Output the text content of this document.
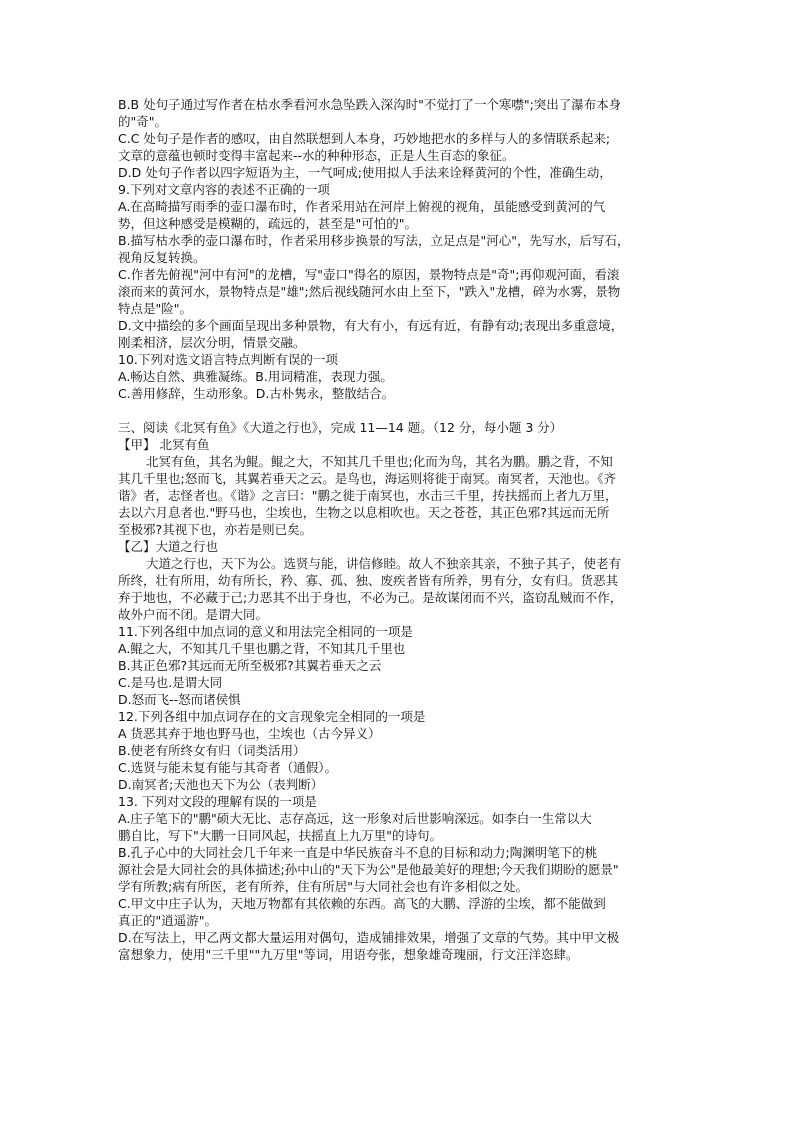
B.B 处句子通过写作者在枯水季看河水急坠跌入深沟时"不觉打了一个寒噤";突出了瀑布本身
的"奇"。
C.C 处句子是作者的感叹，由自然联想到人本身，巧妙地把水的多样与人的多情联系起来;
文章的意蕴也顿时变得丰富起来--水的种种形态，正是人生百态的象征。
D.D 处句子作者以四字短语为主，一气呵成;使用拟人手法来诠释黄河的个性，准确生动，
9.下列对文章内容的表述不正确的一项
A.在高畸描写雨季的壶口瀑布时，作者采用站在河岸上俯视的视角，虽能感受到黄河的气
势，但这种感受是模糊的，疏远的，甚至是"可怕的"。
B.描写枯水季的壶口瀑布时，作者采用移步换景的写法，立足点是"河心"，先写水，后写石，
视角反复转换。
C.作者先俯视"河中有河"的龙槽，写"壶口"得名的原因，景物特点是"奇";再仰观河面，看滚
滚而来的黄河水，景物特点是"雄";然后视线随河水由上至下，"跌入"龙槽，碎为水雾，景物
特点是"险"。
D.文中描绘的多个画面呈现出多种景物，有大有小，有远有近，有静有动;表现出多重意境，
刚柔相济，层次分明，情景交融。
10.下列对选文语言特点判断有误的一项
A.畅达自然、典雅凝练。B.用词精准，表现力强。
C.善用修辞，生动形象。D.古朴隽永，整散结合。
三、阅读《北冥有鱼》《大道之行也》，完成 11—14 题。（12 分，每小题 3 分）
【甲】 北冥有鱼
北冥有鱼，其名为鲲。鲲之大，不知其几千里也;化而为鸟，其名为鹏。鹏之背，不知
其几千里也;怒而飞，其翼若垂天之云。是鸟也，海运则将徙于南冥。南冥者，天池也。《齐
谐》者，志怪者也。《谐》之言曰："鹏之徙于南冥也，水击三千里，抟扶摇而上者九万里，
去以六月息者也."野马也，尘埃也，生物之以息相吹也。天之苍苍，其正色邪?其远而无所
至极邪?其视下也，亦若是则已矣。
【乙】大道之行也
大道之行也，天下为公。选贤与能，讲信修睦。故人不独亲其亲，不独子其子，使老有
所终，壮有所用，幼有所长，矜、寡、孤、独、废疾者皆有所养，男有分，女有归。货恶其
弃于地也，不必藏于己;力恶其不出于身也，不必为己。是故谋闭而不兴，盗窃乱贼而不作，
故外户而不闭。是谓大同。
11.下列各组中加点词的意义和用法完全相同的一项是
A.鲲之大，不知其几千里也鹏之背，不知其几千里也
B.其正色邪?其远而无所至极邪?其翼若垂天之云
C.是马也.是谓大同
D.怒而飞--怒而诸侯惧
12.下列各组中加点词存在的文言现象完全相同的一项是
A 货恶其弃于地也野马也，尘埃也（古今异义）
B.使老有所终女有归（词类活用）
C.选贤与能未复有能与其奇者（通假）。
D.南冥者;天池也天下为公（表判断）
13. 下列对文段的理解有误的一项是
A.庄子笔下的"鹏"硕大无比、志存高远，这一形象对后世影响深远。如李白一生常以大
鹏自比，写下"大鹏一日同风起，扶摇直上九万里"的诗句。
B.孔子心中的大同社会几千年来一直是中华民族奋斗不息的目标和动力;陶渊明笔下的桃
源社会是大同社会的具体描述;孙中山的"天下为公"是他最美好的理想;今天我们期盼的愿景"
学有所教;病有所医，老有所养，住有所居"与大同社会也有许多相似之处。
C.甲文中庄子认为，天地万物都有其依赖的东西。高飞的大鹏、浮游的尘埃，都不能做到
真正的"逍遥游"。
D.在写法上，甲乙两文都大量运用对偶句，造成铺排效果，增强了文章的气势。其中甲文极
富想象力，使用"三千里""九万里"等词，用语夸张，想象雄奇瑰丽，行文汪洋恣肆。
